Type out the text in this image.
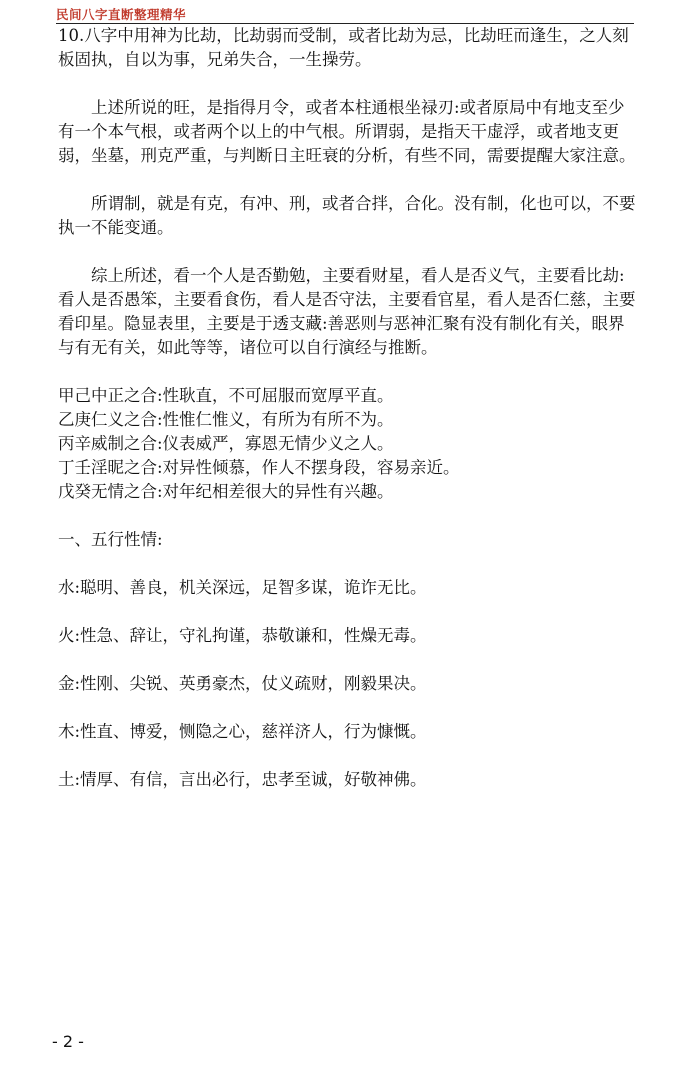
民间八字直断整理精华

10.八字中用神为比劫，比劫弱而受制，或者比劫为忌，比劫旺而逢生，之人刻板固执，自以为事，兄弟失合，一生操劳。

上述所说的旺，是指得月令，或者本柱通根坐禄刃:或者原局中有地支至少有一个本气根，或者两个以上的中气根。所谓弱，是指天干虚浮，或者地支更弱，坐墓，刑克严重，与判断日主旺衰的分析，有些不同，需要提醒大家注意。

所谓制，就是有克，有冲、刑，或者合拌，合化。没有制，化也可以，不要执一不能变通。

综上所述，看一个人是否勤勉，主要看财星，看人是否义气，主要看比劫:看人是否愚笨，主要看食伤，看人是否守法，主要看官星，看人是否仁慈，主要看印星。隐显表里，主要是于透支藏:善恶则与恶神汇聚有没有制化有关，眼界与有无有关，如此等等，诸位可以自行演经与推断。

甲己中正之合:性耿直，不可屈服而宽厚平直。

乙庚仁义之合:性惟仁惟义，有所为有所不为。

丙辛威制之合:仪表威严，寡恩无情少义之人。

丁壬淫昵之合:对异性倾慕，作人不摆身段，容易亲近。

戊癸无情之合:对年纪相差很大的异性有兴趣。

一、五行性情:

水:聪明、善良，机关深远，足智多谋，诡诈无比。

火:性急、辞让，守礼拘谨，恭敬谦和，性燥无毒。

金:性刚、尖锐、英勇豪杰，仗义疏财，刚毅果决。

木:性直、博爱，恻隐之心，慈祥济人，行为慷慨。

土:情厚、有信，言出必行，忠孝至诚，好敬神佛。

- 2 -
